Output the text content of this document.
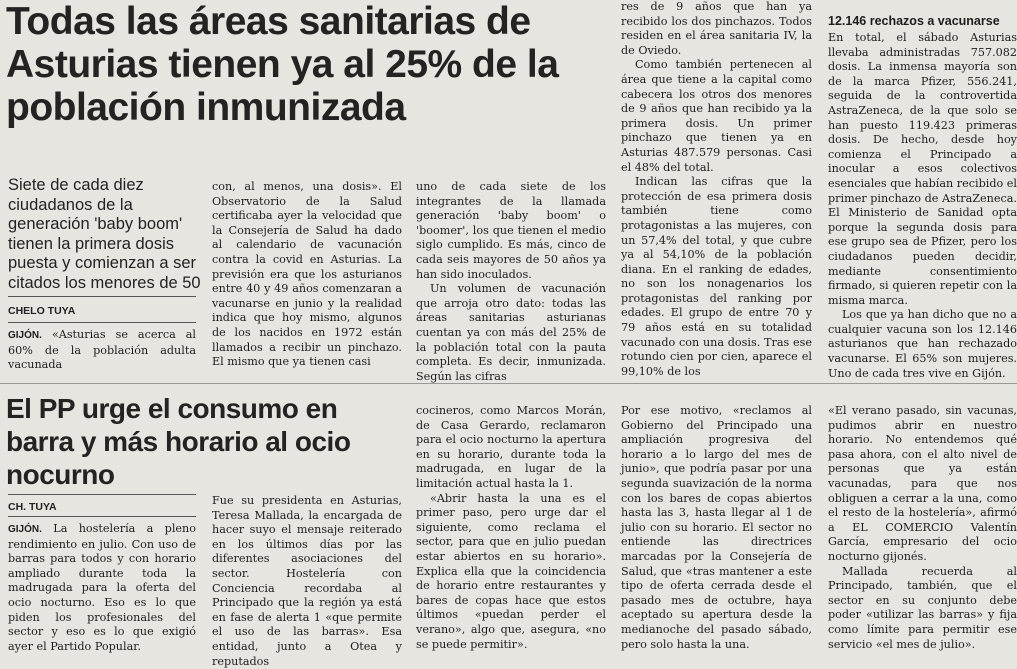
Todas las áreas sanitarias de Asturias tienen ya al 25% de la población inmunizada

Siete de cada diez ciudadanos de la generación 'baby boom' tienen la primera dosis puesta y comienzan a ser citados los menores de 50

CHELO TUYA

GIJÓN. «Asturias se acerca al 60% de la población adulta vacunada

con, al menos, una dosis». El Observatorio de la Salud certificaba ayer la velocidad que la Consejería de Salud ha dado al calendario de vacunación contra la covid en Asturias. La previsión era que los asturianos entre 40 y 49 años comenzaran a vacunarse en junio y la realidad indica que hoy mismo, algunos de los nacidos en 1972 están llamados a recibir un pinchazo. El mismo que ya tienen casi

uno de cada siete de los integrantes de la llamada generación 'baby boom' o 'boomer', los que tienen el medio siglo cumplido. Es más, cinco de cada seis mayores de 50 años ya han sido inoculados.

Un volumen de vacunación que arroja otro dato: todas las áreas sanitarias asturianas cuentan ya con más del 25% de la población total con la pauta completa. Es decir, inmunizada. Según las cifras

res de 9 años que han ya recibido los dos pinchazos. Todos residen en el área sanitaria IV, la de Oviedo.

Como también pertenecen al área que tiene a la capital como cabecera los otros dos menores de 9 años que han recibido ya la primera dosis. Un primer pinchazo que tienen ya en Asturias 487.579 personas. Casi el 48% del total.

Indican las cifras que la protección de esa primera dosis también tiene como protagonistas a las mujeres, con un 57,4% del total, y que cubre ya al 54,10% de la población diana. En el ranking de edades, no son los nonagenarios los protagonistas del ranking por edades. El grupo de entre 70 y 79 años está en su totalidad vacunado con una dosis. Tras ese rotundo cien por cien, aparece el 99,10% de los

12.146 rechazos a vacunarse

En total, el sábado Asturias llevaba administradas 757.082 dosis. La inmensa mayoría son de la marca Pfizer, 556.241, seguida de la controvertida AstraZeneca, de la que solo se han puesto 119.423 primeras dosis. De hecho, desde hoy comienza el Principado a inocular a esos colectivos esenciales que habían recibido el primer pinchazo de AstraZeneca. El Ministerio de Sanidad opta porque la segunda dosis para ese grupo sea de Pfizer, pero los ciudadanos pueden decidir, mediante consentimiento firmado, si quieren repetir con la misma marca.

Los que ya han dicho que no a cualquier vacuna son los 12.146 asturianos que han rechazado vacunarse. El 65% son mujeres. Uno de cada tres vive en Gijón.

El PP urge el consumo en barra y más horario al ocio nocurno

CH. TUYA

GIJÓN. La hostelería a pleno rendimiento en julio. Con uso de barras para todos y con horario ampliado durante toda la madrugada para la oferta del ocio nocturno. Eso es lo que piden los profesionales del sector y eso es lo que exigió ayer el Partido Popular.

Fue su presidenta en Asturias, Teresa Mallada, la encargada de hacer suyo el mensaje reiterado en los últimos días por las diferentes asociaciones del sector. Hostelería con Conciencia recordaba al Principado que la región ya está en fase de alerta 1 «que permite el uso de las barras». Esa entidad, junto a Otea y reputados

cocineros, como Marcos Morán, de Casa Gerardo, reclamaron para el ocio nocturno la apertura en su horario, durante toda la madrugada, en lugar de la limitación actual hasta la 1.

«Abrir hasta la una es el primer paso, pero urge dar el siguiente, como reclama el sector, para que en julio puedan estar abiertos en su horario». Explica ella que la coincidencia de horario entre restaurantes y bares de copas hace que estos últimos «puedan perder el verano», algo que, asegura, «no se puede permitir».

Por ese motivo, «reclamos al Gobierno del Principado una ampliación progresiva del horario a lo largo del mes de junio», que podría pasar por una segunda suavización de la norma con los bares de copas abiertos hasta las 3, hasta llegar al 1 de julio con su horario. El sector no entiende las directrices marcadas por la Consejería de Salud, que «tras mantener a este tipo de oferta cerrada desde el pasado mes de octubre, haya aceptado su apertura desde la medianoche del pasado sábado, pero solo hasta la una.

«El verano pasado, sin vacunas, pudimos abrir en nuestro horario. No entendemos qué pasa ahora, con el alto nivel de personas que ya están vacunadas, para que nos obliguen a cerrar a la una, como el resto de la hostelería», afirmó a EL COMERCIO Valentín García, empresario del ocio nocturno gijonés.

Mallada recuerda al Principado, también, que el sector en su conjunto debe poder «utilizar las barras» y fija como límite para permitir ese servicio «el mes de julio».
